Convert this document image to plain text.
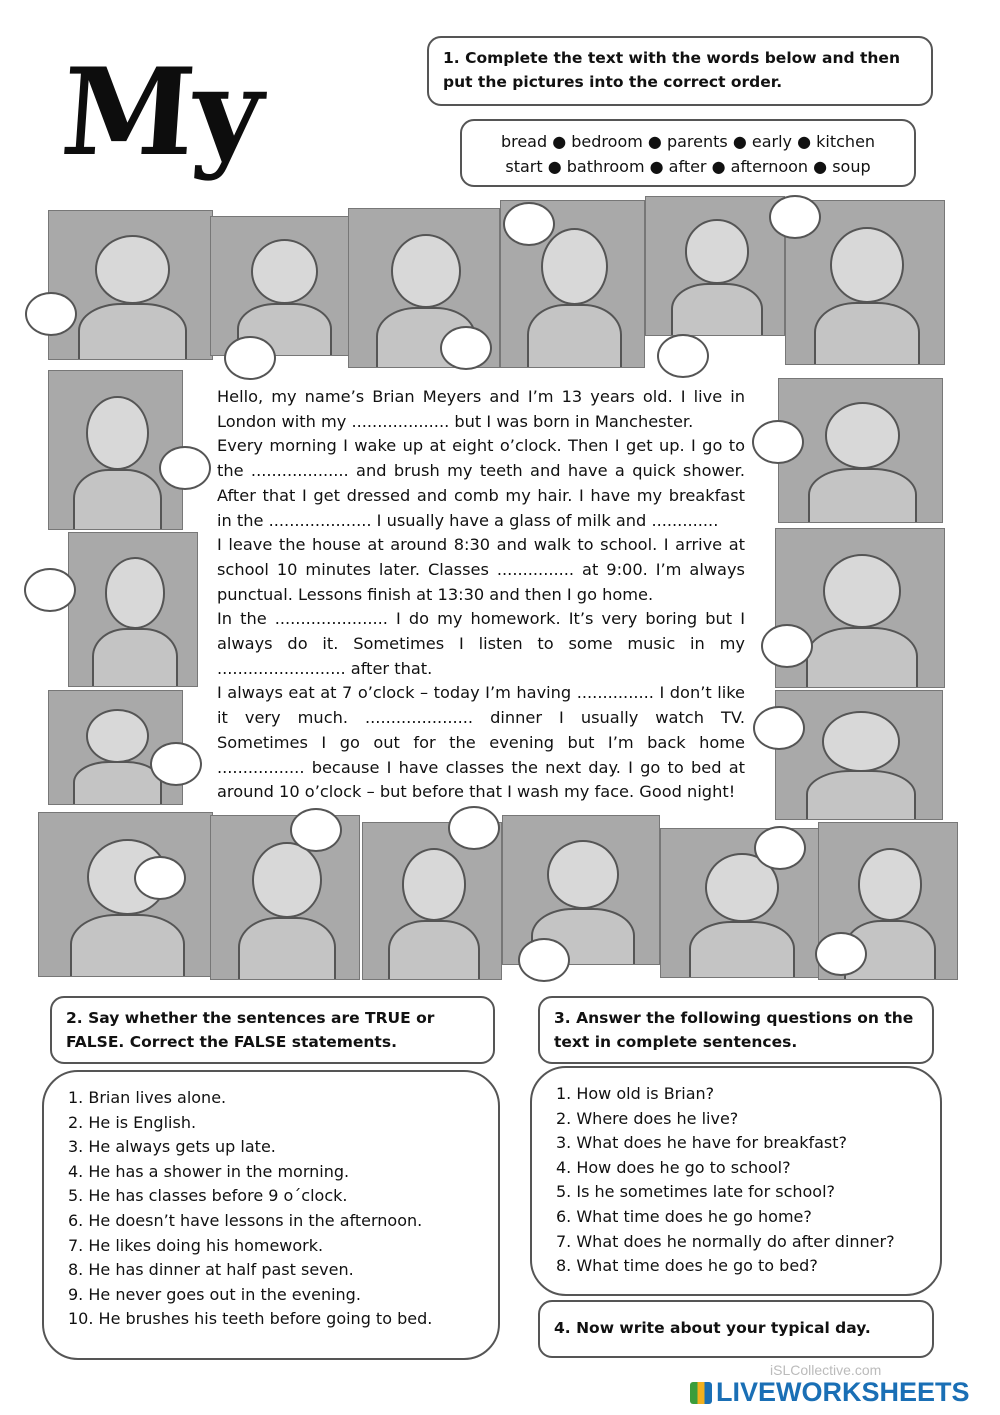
My	1. Complete the text with the words below and then put the pictures into the correct order.
bread ● bedroom ● parents ● early ● kitchen
start ● bathroom ● after ● afternoon ● soup

Hello, my name’s Brian Meyers and I’m 13 years old. I live in London with my ................... but I was born in Manchester.

Every morning I wake up at eight o’clock. Then I get up. I go to the ................... and brush my teeth and have a quick shower. After that I get dressed and comb my hair. I have my breakfast in the .................... I usually have a glass of milk and .............

I leave the house at around 8:30 and walk to school. I arrive at school 10 minutes later. Classes ............... at 9:00. I’m always punctual. Lessons finish at 13:30 and then I go home.

In the ...................... I do my homework. It’s very boring but I always do it. Sometimes I listen to some music in my ......................... after that.

I always eat at 7 o’clock – today I’m having ............... I don’t like it very much. ..................... dinner I usually watch TV. Sometimes I go out for the evening but I’m back home ................. because I have classes the next day. I go to bed at around 10 o’clock – but before that I wash my face. Good night!

2. Say whether the sentences are TRUE or FALSE. Correct the FALSE statements.
1. Brian lives alone.
2. He is English.
3. He always gets up late.
4. He has a shower in the morning.
5. He has classes before 9 o´clock.
6. He doesn’t have lessons in the afternoon.
7. He likes doing his homework.
8. He has dinner at half past seven.
9. He never goes out in the evening.
10. He brushes his teeth before going to bed.
3. Answer the following questions on the text in complete sentences.
1. How old is Brian?
2. Where does he live?
3. What does he have for breakfast?
4. How does he go to school?
5. Is he sometimes late for school?
6. What time does he go home?
7. What does he normally do after dinner?
8. What time does he go to bed?
4. Now write about your typical day.
iSLCollective.com
LIVEWORKSHEETS
